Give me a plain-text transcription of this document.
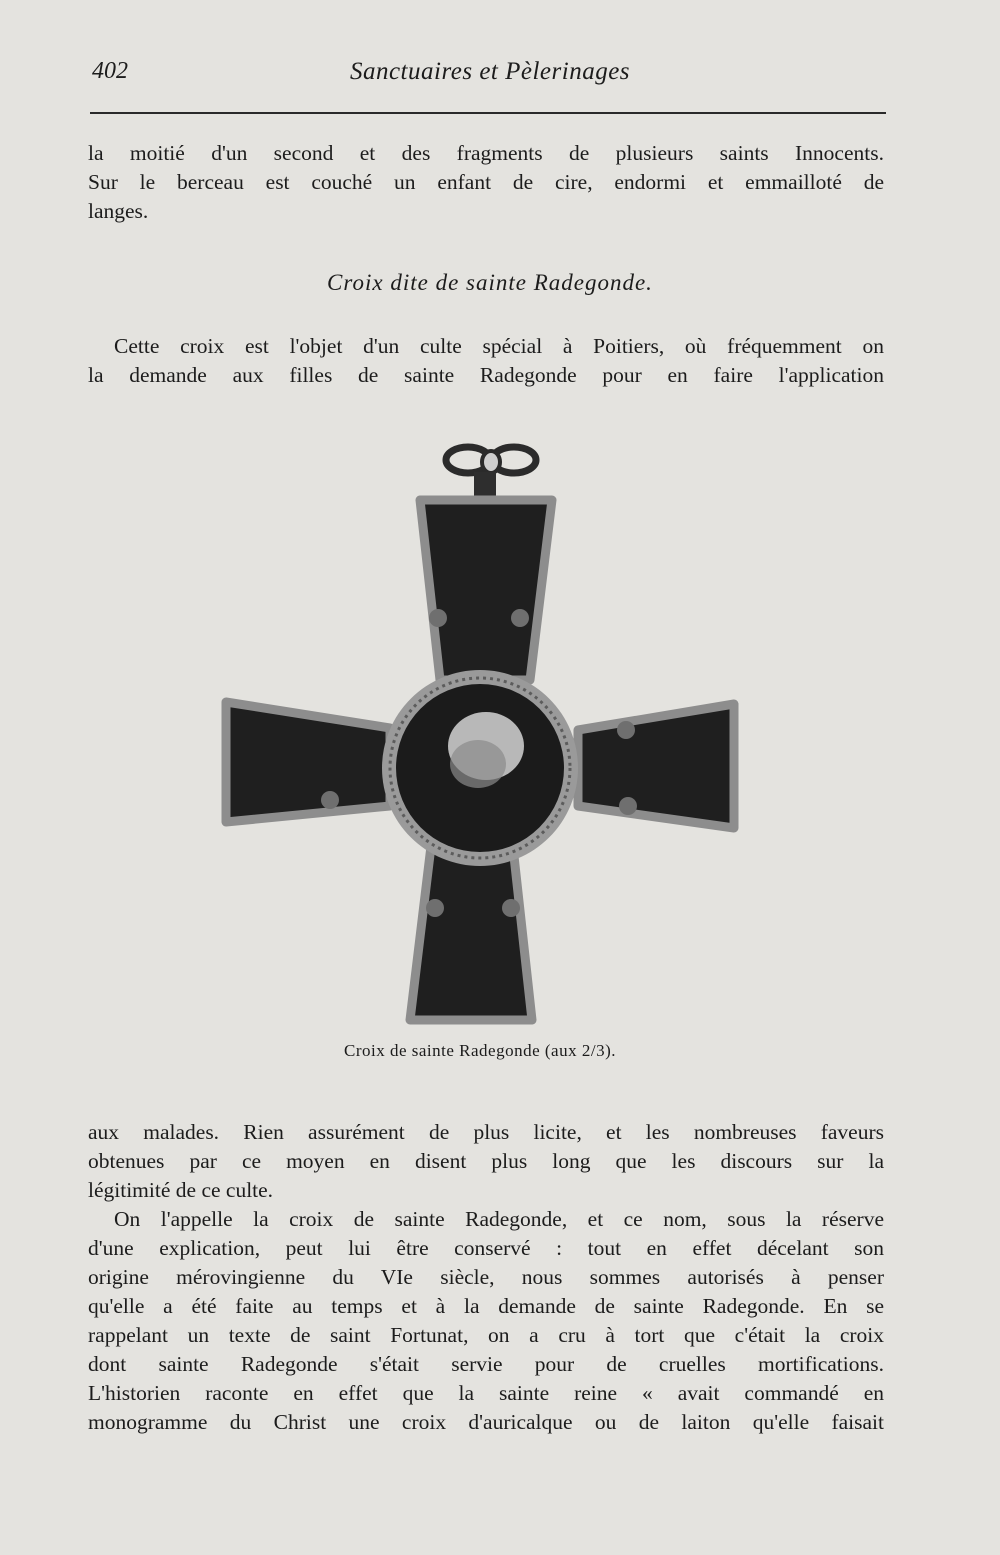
402	Sanctuaires et Pèlerinages

la moitié d'un second et des fragments de plusieurs saints Innocents.

Sur le berceau est couché un enfant de cire, endormi et emmailloté de

langes.

Croix dite de sainte Radegonde.

Cette croix est l'objet d'un culte spécial à Poitiers, où fréquemment on

la demande aux filles de sainte Radegonde pour en faire l'application

Croix de sainte Radegonde (aux 2/3).

aux malades. Rien assurément de plus licite, et les nombreuses faveurs

obtenues par ce moyen en disent plus long que les discours sur la

légitimité de ce culte.

On l'appelle la croix de sainte Radegonde, et ce nom, sous la réserve

d'une explication, peut lui être conservé : tout en effet décelant son

origine mérovingienne du VIe siècle, nous sommes autorisés à penser

qu'elle a été faite au temps et à la demande de sainte Radegonde. En se

rappelant un texte de saint Fortunat, on a cru à tort que c'était la croix

dont sainte Radegonde s'était servie pour de cruelles mortifications.

L'historien raconte en effet que la sainte reine « avait commandé en

monogramme du Christ une croix d'auricalque ou de laiton qu'elle faisait
